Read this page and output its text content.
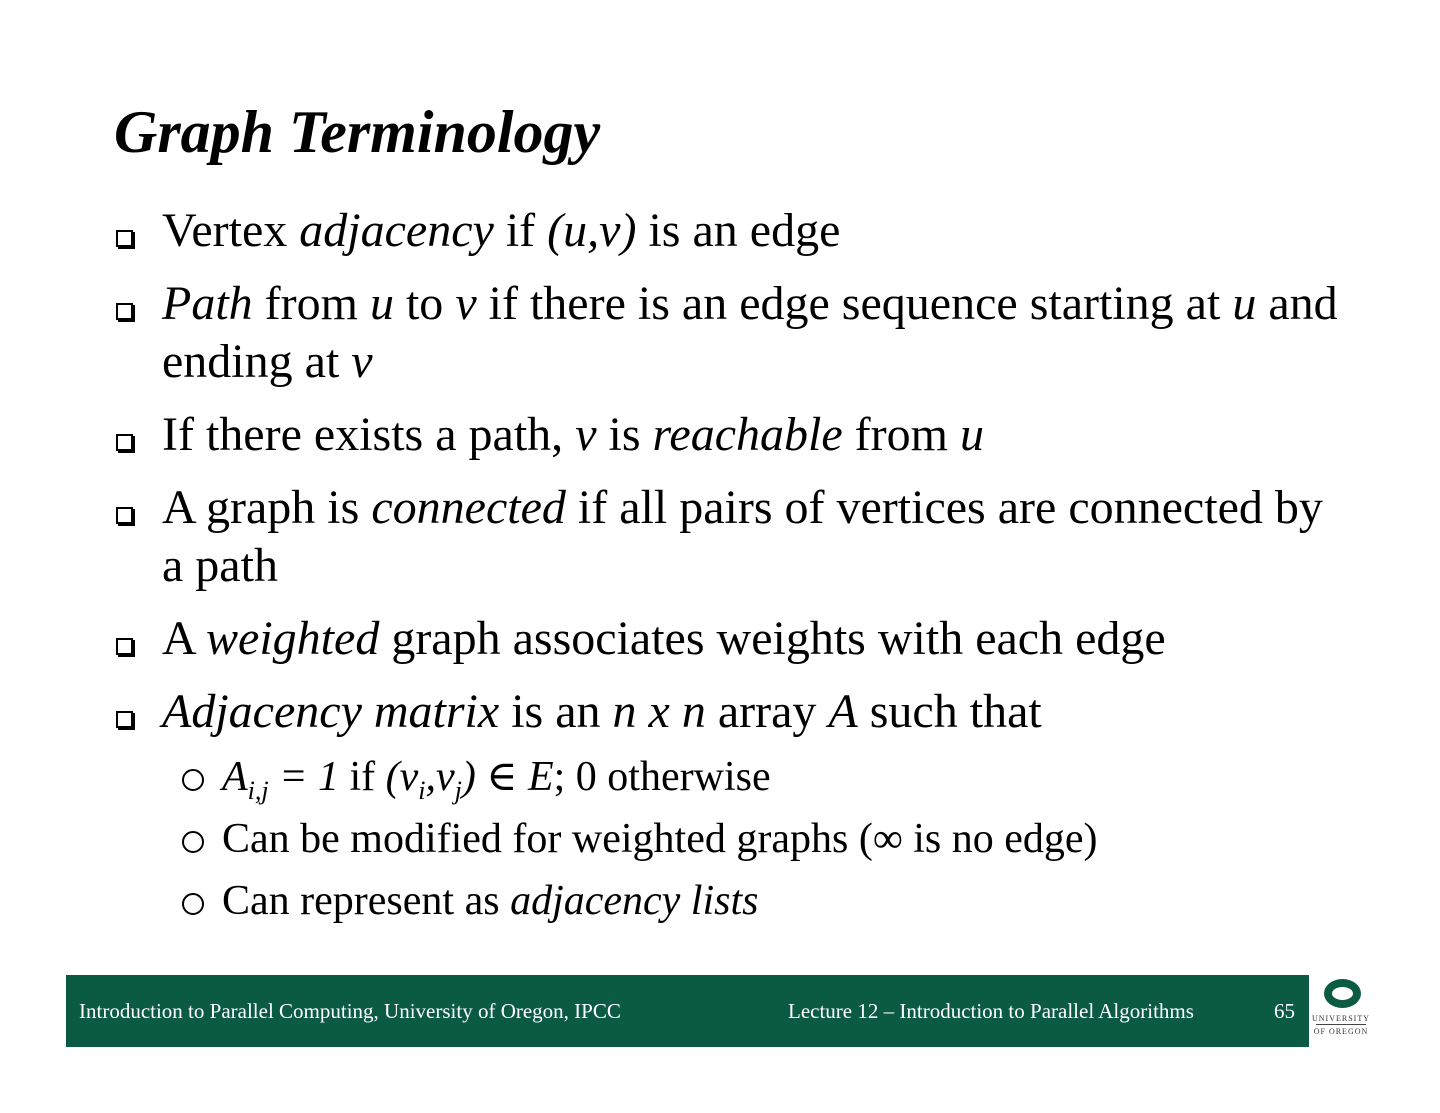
Graph Terminology
Vertex adjacency if (u,v) is an edge
Path from u to v if there is an edge sequence starting at u and ending at v
If there exists a path, v is reachable from u
A graph is connected if all pairs of vertices are connected by a path
A weighted graph associates weights with each edge
Adjacency matrix is an n x n array A such that
$A_{i,j} = 1$ if $(v_i,v_j)$ ∈ E; 0 otherwise
Can be modified for weighted graphs (∞ is no edge)
Can represent as adjacency lists
Introduction to Parallel Computing, University of Oregon, IPCC	Lecture 12 – Introduction to Parallel Algorithms	65 UNIVERSITY
OF OREGON
